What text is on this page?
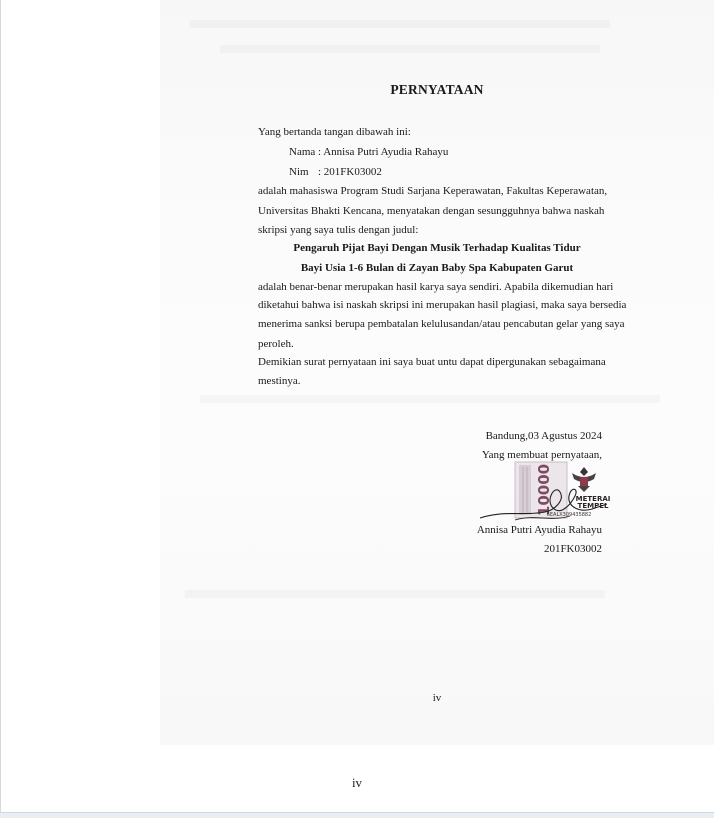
PERNYATAAN
Yang bertanda tangan dibawah ini:
Nama : Annisa Putri Ayudia Rahayu
Nim : 201FK03002
adalah mahasiswa Program Studi Sarjana Keperawatan, Fakultas Keperawatan,
Universitas Bhakti Kencana, menyatakan dengan sesungguhnya bahwa naskah
skripsi yang saya tulis dengan judul:
Pengaruh Pijat Bayi Dengan Musik Terhadap Kualitas Tidur
Bayi Usia 1-6 Bulan di Zayan Baby Spa Kabupaten Garut
adalah benar-benar merupakan hasil karya saya sendiri. Apabila dikemudian hari
diketahui bahwa isi naskah skripsi ini merupakan hasil plagiasi, maka saya bersedia
menerima sanksi berupa pembatalan kelulusandan/atau pencabutan gelar yang saya
peroleh.
Demikian surat pernyataan ini saya buat untu dapat dipergunakan sebagaimana
mestinya.
Bandung,03 Agustus 2024
Yang membuat pernyataan,
10000	METERAI
TEMPEL
6EALX309435882
Annisa Putri Ayudia Rahayu
201FK03002
iv
iv
